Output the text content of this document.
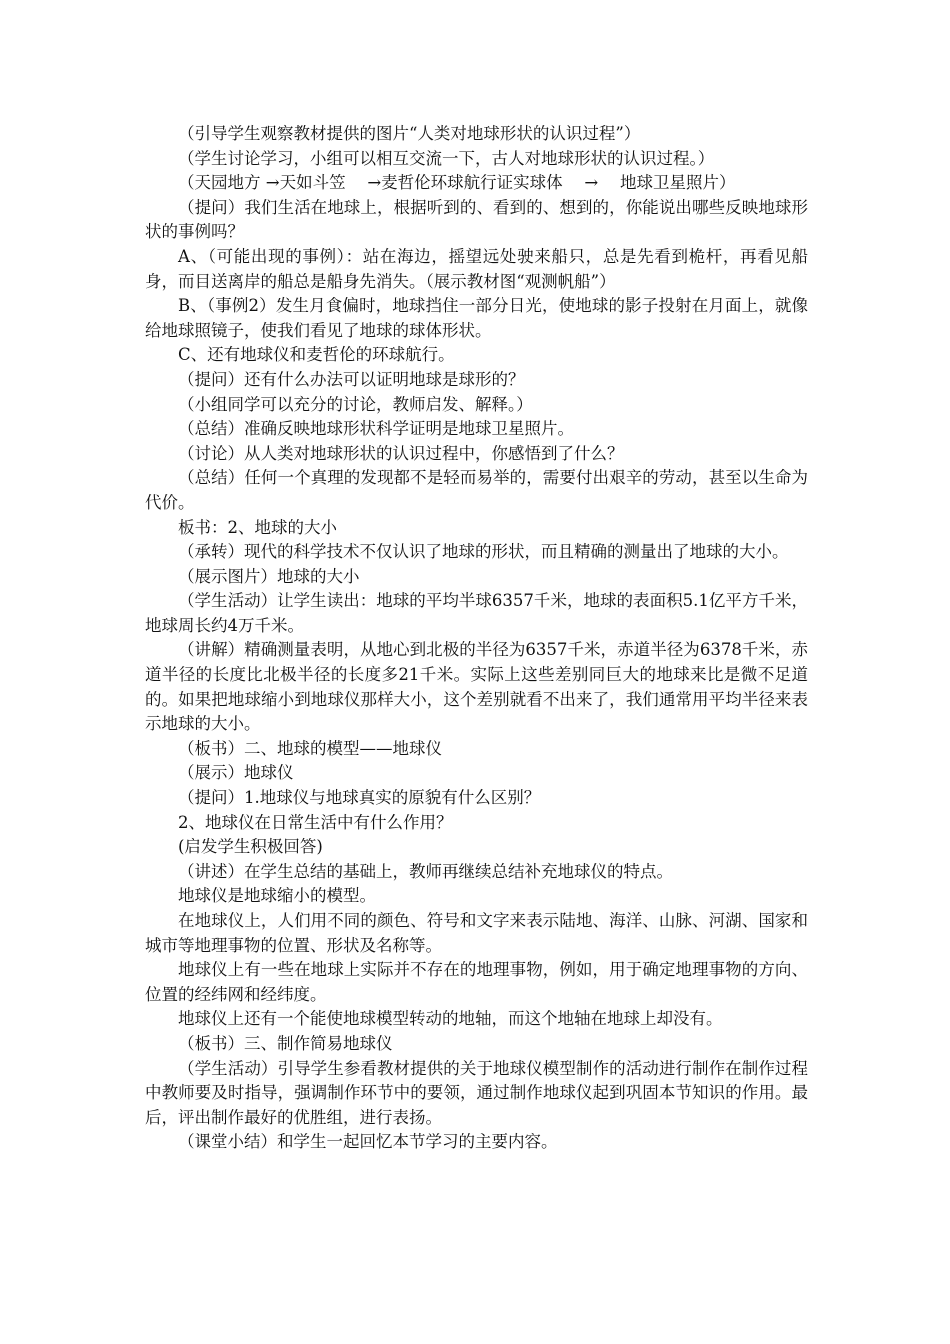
（引导学生观察教材提供的图片“人类对地球形状的认识过程”）

（学生讨论学习，小组可以相互交流一下，古人对地球形状的认识过程。）

（天园地方 →天如斗笠 　→麦哲伦环球航行证实球体　 → 　地球卫星照片）

（提问）我们生活在地球上，根据听到的、看到的、想到的，你能说出哪些反映地球形状的事例吗？

A、（可能出现的事例）：站在海边，摇望远处驶来船只，总是先看到桅杆，再看见船身，而目送离岸的船总是船身先消失。（展示教材图“观测帆船”）

B、（事例2）发生月食偏时，地球挡住一部分日光，使地球的影子投射在月面上，就像给地球照镜子，使我们看见了地球的球体形状。

C、还有地球仪和麦哲伦的环球航行。

（提问）还有什么办法可以证明地球是球形的？

（小组同学可以充分的讨论，教师启发、解释。）

（总结）准确反映地球形状科学证明是地球卫星照片。

（讨论）从人类对地球形状的认识过程中，你感悟到了什么？

（总结）任何一个真理的发现都不是轻而易举的，需要付出艰辛的劳动，甚至以生命为代价。

板书：2、地球的大小

（承转）现代的科学技术不仅认识了地球的形状，而且精确的测量出了地球的大小。

（展示图片）地球的大小

（学生活动）让学生读出：地球的平均半球6357千米，地球的表面积5.1亿平方千米，地球周长约4万千米。

（讲解）精确测量表明，从地心到北极的半径为6357千米，赤道半径为6378千米，赤道半径的长度比北极半径的长度多21千米。实际上这些差别同巨大的地球来比是微不足道的。如果把地球缩小到地球仪那样大小，这个差别就看不出来了，我们通常用平均半径来表示地球的大小。

（板书）二、地球的模型——地球仪

（展示）地球仪

（提问）1.地球仪与地球真实的原貌有什么区别？

2、地球仪在日常生活中有什么作用？

(启发学生积极回答)

（讲述）在学生总结的基础上，教师再继续总结补充地球仪的特点。

地球仪是地球缩小的模型。

在地球仪上，人们用不同的颜色、符号和文字来表示陆地、海洋、山脉、河湖、国家和城市等地理事物的位置、形状及名称等。

地球仪上有一些在地球上实际并不存在的地理事物，例如，用于确定地理事物的方向、位置的经纬网和经纬度。

地球仪上还有一个能使地球模型转动的地轴，而这个地轴在地球上却没有。

（板书）三、制作简易地球仪

（学生活动）引导学生参看教材提供的关于地球仪模型制作的活动进行制作在制作过程中教师要及时指导，强调制作环节中的要领，通过制作地球仪起到巩固本节知识的作用。最后，评出制作最好的优胜组，进行表扬。

（课堂小结）和学生一起回忆本节学习的主要内容。
